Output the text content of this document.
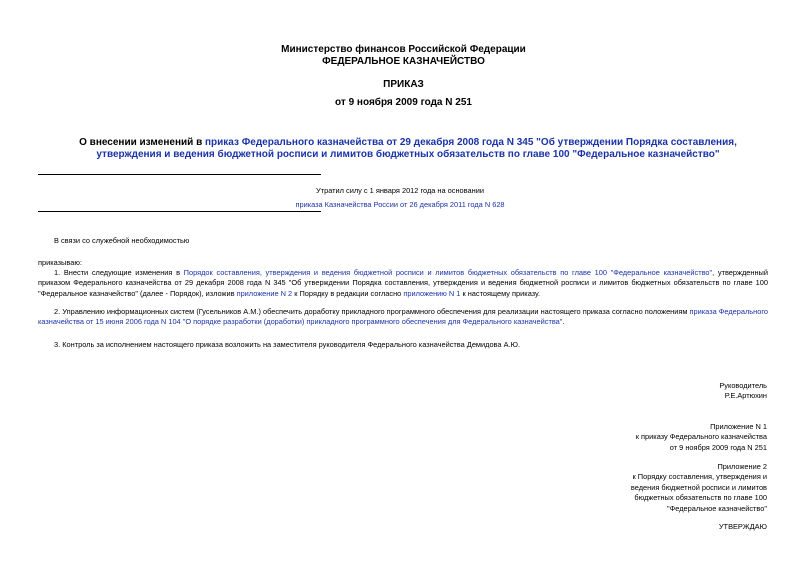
Министерство финансов Российской Федерации

ФЕДЕРАЛЬНОЕ КАЗНАЧЕЙСТВО

ПРИКАЗ
от 9 ноября 2009 года N 251
О внесении изменений в приказ Федерального казначейства от 29 декабря 2008 года N 345 "Об утверждении Порядка составления, утверждения и ведения бюджетной росписи и лимитов бюджетных обязательств по главе 100 "Федеральное казначейство"

Утратил силу с 1 января 2012 года на основании

приказа Казначейства России от 26 декабря 2011 года N 628

В связи со служебной необходимостью
приказываю:
1. Внести следующие изменения в Порядок составления, утверждения и ведения бюджетной росписи и лимитов бюджетных обязательств по главе 100 "Федеральное казначейство", утвержденный приказом Федерального казначейства от 29 декабря 2008 года N 345 "Об утверждении Порядка составления, утверждения и ведения бюджетной росписи и лимитов бюджетных обязательств по главе 100 "Федеральное казначейство" (далее - Порядок), изложив приложение N 2 к Порядку в редакции согласно приложению N 1 к настоящему приказу.
2. Управлению информационных систем (Гусельников А.М.) обеспечить доработку прикладного программного обеспечения для реализации настоящего приказа согласно положениям приказа Федерального казначейства от 15 июня 2006 года N 104 "О порядке разработки (доработки) прикладного программного обеспечения для Федерального казначейства".
3. Контроль за исполнением настоящего приказа возложить на заместителя руководителя Федерального казначейства Демидова А.Ю.

Руководитель

Р.Е.Артюхин

Приложение N 1

к приказу Федерального казначейства

от 9 ноября 2009 года N 251

Приложение 2

к Порядку составления, утверждения и

ведения бюджетной росписи и лимитов

бюджетных обязательств по главе 100

"Федеральное казначейство"

УТВЕРЖДАЮ
